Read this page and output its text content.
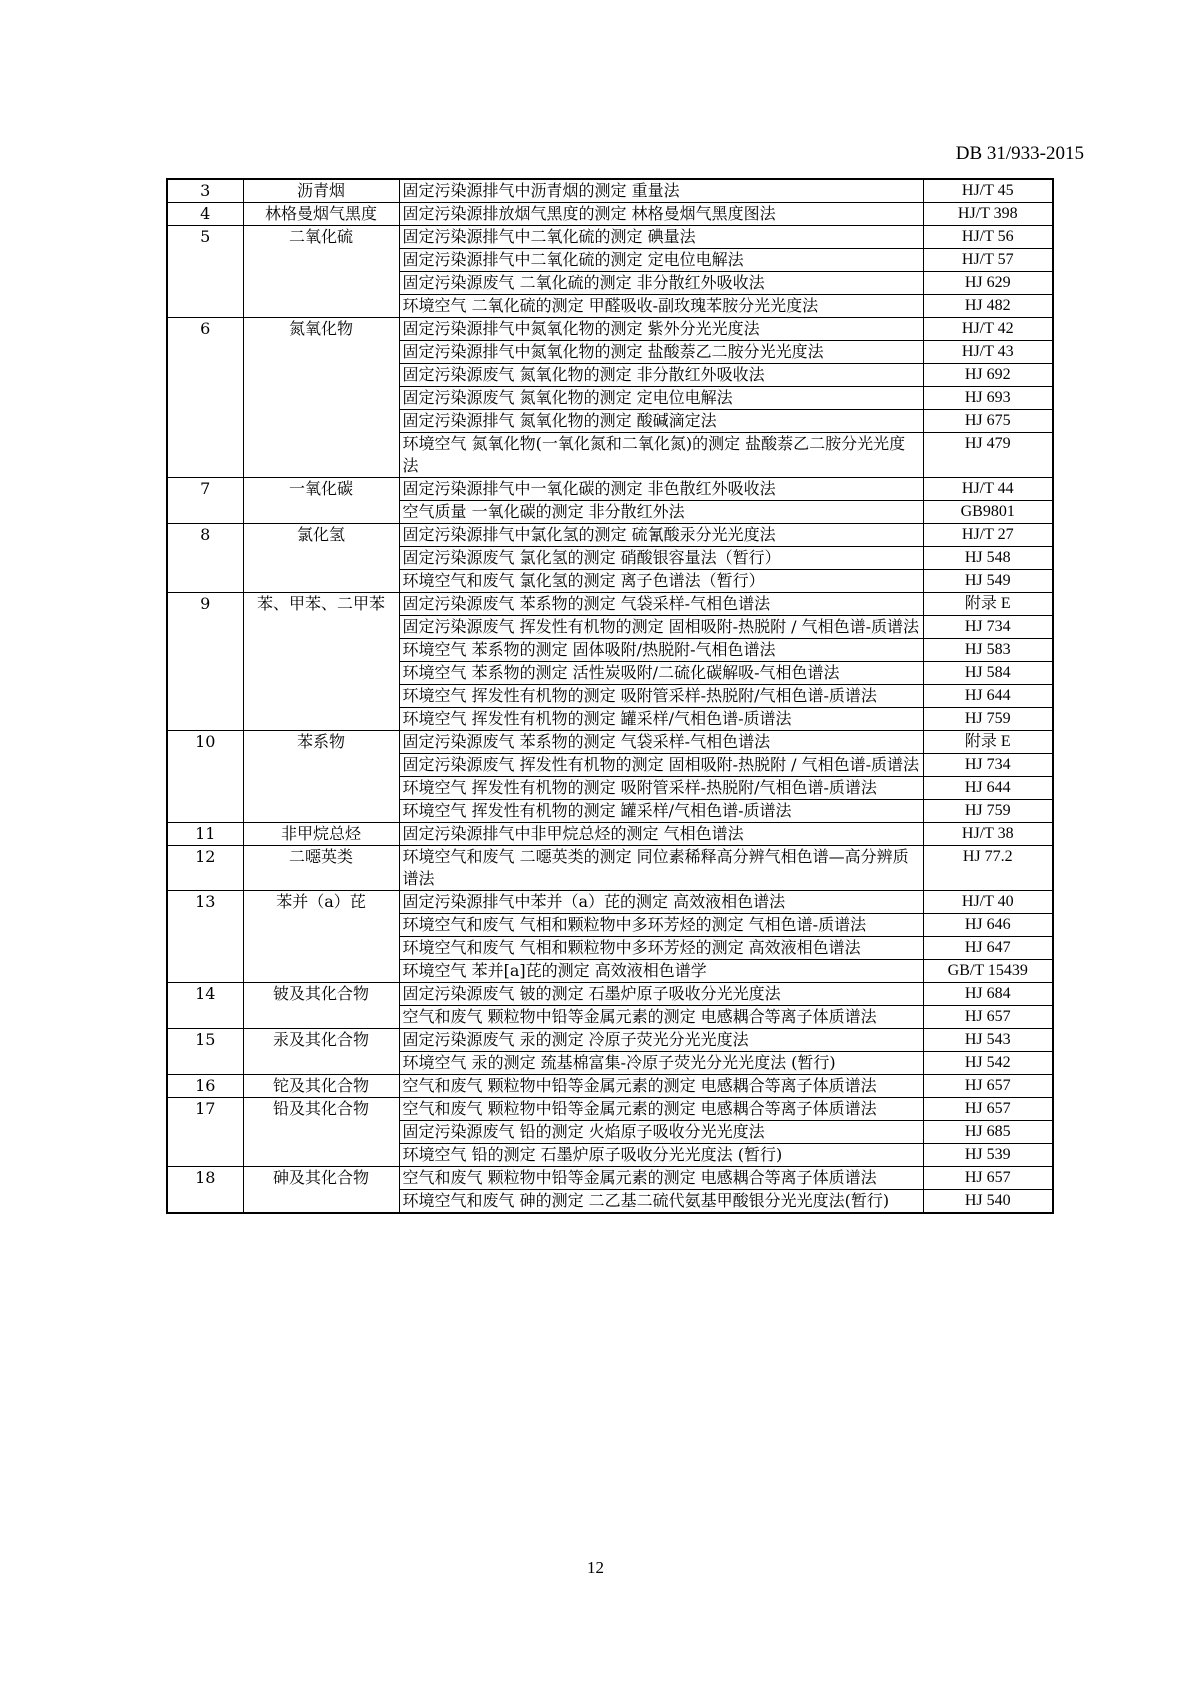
DB 31/933-2015
3	沥青烟	固定污染源排气中沥青烟的测定 重量法	HJ/T 45
4	林格曼烟气黑度	固定污染源排放烟气黑度的测定 林格曼烟气黑度图法	HJ/T 398
5	二氧化硫	固定污染源排气中二氧化硫的测定 碘量法	HJ/T 56
		固定污染源排气中二氧化硫的测定 定电位电解法	HJ/T 57
		固定污染源废气 二氧化硫的测定 非分散红外吸收法	HJ 629
		环境空气 二氧化硫的测定 甲醛吸收-副玫瑰苯胺分光光度法	HJ 482
6	氮氧化物	固定污染源排气中氮氧化物的测定 紫外分光光度法	HJ/T 42
		固定污染源排气中氮氧化物的测定 盐酸萘乙二胺分光光度法	HJ/T 43
		固定污染源废气 氮氧化物的测定 非分散红外吸收法	HJ 692
		固定污染源废气 氮氧化物的测定 定电位电解法	HJ 693
		固定污染源排气 氮氧化物的测定 酸碱滴定法	HJ 675
		环境空气 氮氧化物(一氧化氮和二氧化氮)的测定 盐酸萘乙二胺分光光度法	HJ 479
7	一氧化碳	固定污染源排气中一氧化碳的测定 非色散红外吸收法	HJ/T 44
		空气质量 一氧化碳的测定 非分散红外法	GB9801
8	氯化氢	固定污染源排气中氯化氢的测定 硫氰酸汞分光光度法	HJ/T 27
		固定污染源废气 氯化氢的测定 硝酸银容量法（暂行）	HJ 548
		环境空气和废气 氯化氢的测定 离子色谱法（暂行）	HJ 549
9	苯、甲苯、二甲苯	固定污染源废气 苯系物的测定 气袋采样-气相色谱法	附录 E
		固定污染源废气 挥发性有机物的测定 固相吸附-热脱附 / 气相色谱-质谱法	HJ 734
		环境空气 苯系物的测定 固体吸附/热脱附-气相色谱法	HJ 583
		环境空气 苯系物的测定 活性炭吸附/二硫化碳解吸-气相色谱法	HJ 584
		环境空气 挥发性有机物的测定 吸附管采样-热脱附/气相色谱-质谱法	HJ 644
		环境空气 挥发性有机物的测定 罐采样/气相色谱-质谱法	HJ 759
10	苯系物	固定污染源废气 苯系物的测定 气袋采样-气相色谱法	附录 E
		固定污染源废气 挥发性有机物的测定 固相吸附-热脱附 / 气相色谱-质谱法	HJ 734
		环境空气 挥发性有机物的测定 吸附管采样-热脱附/气相色谱-质谱法	HJ 644
		环境空气 挥发性有机物的测定 罐采样/气相色谱-质谱法	HJ 759
11	非甲烷总烃	固定污染源排气中非甲烷总烃的测定 气相色谱法	HJ/T 38
12	二噁英类	环境空气和废气 二噁英类的测定 同位素稀释高分辨气相色谱—高分辨质谱法	HJ 77.2
13	苯并（a）芘	固定污染源排气中苯并（a）芘的测定 高效液相色谱法	HJ/T 40
		环境空气和废气 气相和颗粒物中多环芳烃的测定 气相色谱-质谱法	HJ 646
		环境空气和废气 气相和颗粒物中多环芳烃的测定 高效液相色谱法	HJ 647
		环境空气 苯并[a]芘的测定 高效液相色谱学	GB/T 15439
14	铍及其化合物	固定污染源废气 铍的测定 石墨炉原子吸收分光光度法	HJ 684
		空气和废气 颗粒物中铅等金属元素的测定 电感耦合等离子体质谱法	HJ 657
15	汞及其化合物	固定污染源废气 汞的测定 冷原子荧光分光光度法	HJ 543
		环境空气 汞的测定 巯基棉富集-冷原子荧光分光光度法 (暂行)	HJ 542
16	铊及其化合物	空气和废气 颗粒物中铅等金属元素的测定 电感耦合等离子体质谱法	HJ 657
17	铅及其化合物	空气和废气 颗粒物中铅等金属元素的测定 电感耦合等离子体质谱法	HJ 657
		固定污染源废气 铅的测定 火焰原子吸收分光光度法	HJ 685
		环境空气 铅的测定 石墨炉原子吸收分光光度法 (暂行)	HJ 539
18	砷及其化合物	空气和废气 颗粒物中铅等金属元素的测定 电感耦合等离子体质谱法	HJ 657
		环境空气和废气 砷的测定 二乙基二硫代氨基甲酸银分光光度法(暂行)	HJ 540
12
